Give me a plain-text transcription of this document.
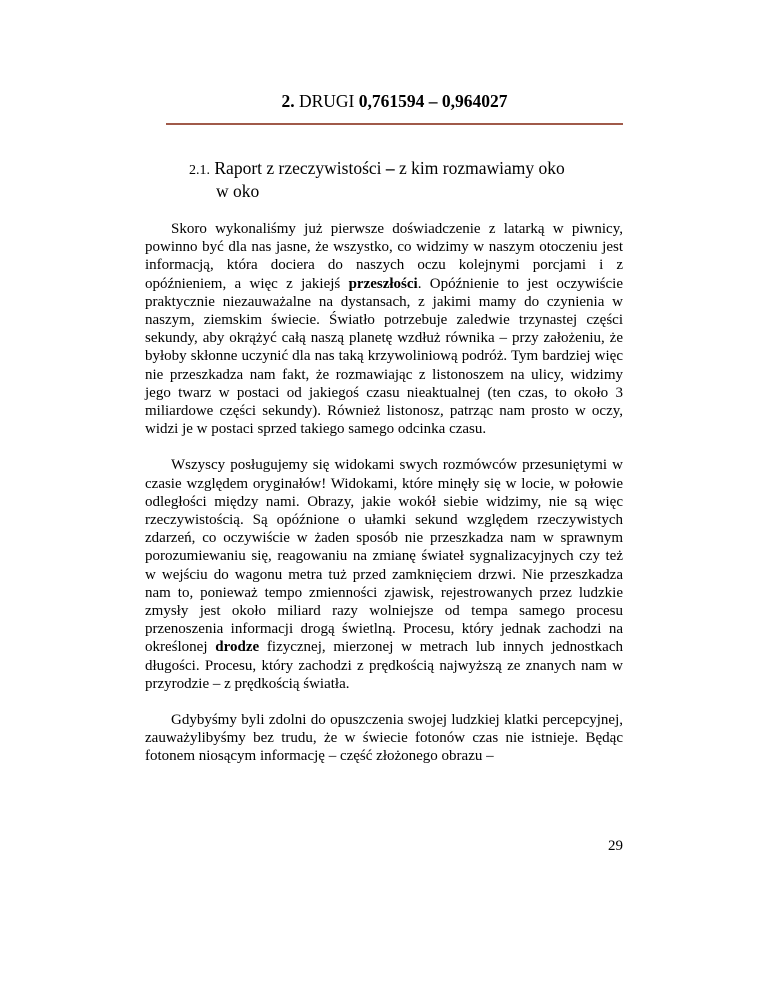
2. DRUGI 0,761594 – 0,964027
2.1. Raport z rzeczywistości – z kim rozmawiamy oko
w oko

Skoro wykonaliśmy już pierwsze doświadczenie z latarką w piwnicy, powinno być dla nas jasne, że wszystko, co widzimy w naszym otoczeniu jest informacją, która dociera do naszych oczu kolejnymi porcjami i z opóźnieniem, a więc z jakiejś przeszłości. Opóźnienie to jest oczywiście praktycznie niezauważalne na dystansach, z jakimi mamy do czynienia w naszym, ziemskim świecie. Światło potrzebuje zaledwie trzynastej części sekundy, aby okrążyć całą naszą planetę wzdłuż równika – przy założeniu, że byłoby skłonne uczynić dla nas taką krzywoliniową podróż. Tym bardziej więc nie przeszkadza nam fakt, że rozmawiając z listonoszem na ulicy, widzimy jego twarz w postaci od jakiegoś czasu nieaktualnej (ten czas, to około 3 miliardowe części sekundy). Również listonosz, patrząc nam prosto w oczy, widzi je w postaci sprzed takiego samego odcinka czasu.

Wszyscy posługujemy się widokami swych rozmówców przesuniętymi w czasie względem oryginałów! Widokami, które minęły się w locie, w połowie odległości między nami. Obrazy, jakie wokół siebie widzimy, nie są więc rzeczywistością. Są opóźnione o ułamki sekund względem rzeczywistych zdarzeń, co oczywiście w żaden sposób nie przeszkadza nam w sprawnym porozumiewaniu się, reagowaniu na zmianę świateł sygnalizacyjnych czy też w wejściu do wagonu metra tuż przed zamknięciem drzwi. Nie przeszkadza nam to, ponieważ tempo zmienności zjawisk, rejestrowanych przez ludzkie zmysły jest około miliard razy wolniejsze od tempa samego procesu przenoszenia informacji drogą świetlną. Procesu, który jednak zachodzi na określonej drodze fizycznej, mierzonej w metrach lub innych jednostkach długości. Procesu, który zachodzi z prędkością najwyższą ze znanych nam w przyrodzie – z prędkością światła.

Gdybyśmy byli zdolni do opuszczenia swojej ludzkiej klatki percepcyjnej, zauważylibyśmy bez trudu, że w świecie fotonów czas nie istnieje. Będąc fotonem niosącym informację – część złożonego obrazu –

29
